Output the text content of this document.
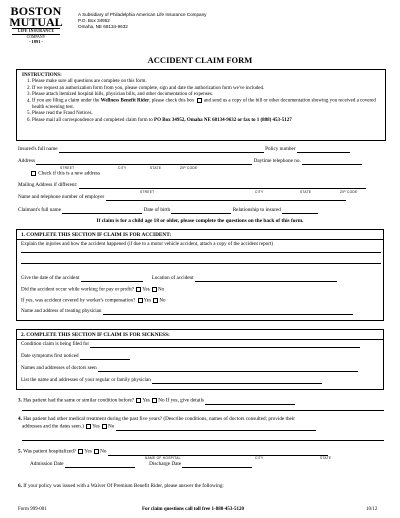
BOSTON
MUTUAL
LIFE INSURANCE
COMPANY
- 1891 -
A Subsidiary of Philadelphia American Life Insurance Company
P.O. Box 34952
Omaha, NE 68134-9632
ACCIDENT CLAIM FORM
INSTRUCTIONS:
1. Please make sure all questions are complete on this form.
2. If we request an authorization form from you, please complete, sign and date the authorization form we've included.
3. Please attach itemized hospital bills, physician bills, and other documentation of expenses.
4. If you are filing a claim under the Wellness Benefit Rider, please check this box  and send us a copy of the bill or other documentation showing you received a covered health screening test.
5. Please read the Fraud Notices.
6. Please mail all correspondence and completed claim form to PO Box 34952, Omaha NE 68134-9632 or fax to 1 (888) 453-5127
Insured's full name	Policy number
Address	Daytime telephone no.
STREET	CITY	STATE	ZIP CODE
Check if this is a new address
Mailing Address if different:
STREET	CITY	STATE	ZIP CODE
Name and telephone number of employer
Claimant's full name	Date of birth	Relationship to insured
If claim is for a child age 18 or older, please complete the questions on the back of this form.
1. COMPLETE THIS SECTION IF CLAIM IS FOR ACCIDENT:
Explain the injuries and how the accident happened (if due to a motor vehicle accident, attach a copy of the accident report)
Give the date of the accident	Location of accident
Did the accident occur while working for pay or profit? Yes No
If yes, was accident covered by worker's compensation? Yes No
Name and address of treating physician
2. COMPLETE THIS SECTION IF CLAIM IS FOR SICKNESS:
Condition claim is being filed for
Date symptoms first noticed
Names and addresses of doctors seen
List the name and addresses of your regular or family physician
3. Has patient had the same or similar condition before? Yes No If yes, give details
4. Has patient had other medical treatment during the past five years? (Describe conditions, names of doctors consulted; provide their
addresses and the dates seen.) Yes No
5. Was patient hospitalized? Yes No
NAME OF HOSPITAL	CITY	STATE
Admission Date	Discharge Date
6. If your policy was issued with a Waiver Of Premium Benefit Rider, please answer the following:
Form 999-001	For claim questions call toll free 1-888-453-5120	10/12
